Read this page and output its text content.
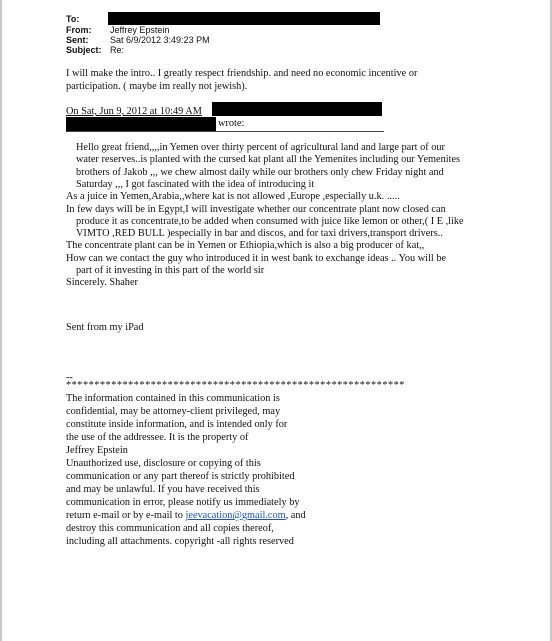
To:
From: Jeffrey Epstein
Sent: Sat 6/9/2012 3:49:23 PM
Subject: Re:
I will make the intro.. I greatly respect friendship. and need no economic incentive or
participation. ( maybe im really not jewish).
On Sat, Jun 9, 2012 at 10:49 AM
wrote:
Hello great friend,,,,in Yemen over thirty percent of agricultural land and large part of our
water reserves..is planted with the cursed kat plant all the Yemenites including our Yemenites
brothers of Jakob ,,, we chew almost daily while our brothers only chew Friday night and
Saturday ,,, I got fascinated with the idea of introducing it
As a juice in Yemen,Arabia,,where kat is not allowed ,Europe ,especially u.k. .....
In few days will be in Egypt,I will investigate whether our concentrate plant now closed can
produce it as concentrate,to be added when consumed with juice like lemon or other,( I E ,like
VIMTO ,RED BULL )especially in bar and discos, and for taxi drivers,transport drivers..
The concentrate plant can be in Yemen or Ethiopia,which is also a big producer of kat,,
How can we contact the guy who introduced it in west bank to exchange ideas .. You will be
part of it investing in this part of the world sir
Sincerely. Shaher
Sent from my iPad
--
************************************************************
The information contained in this communication is
confidential, may be attorney-client privileged, may
constitute inside information, and is intended only for
the use of the addressee. It is the property of
Jeffrey Epstein
Unauthorized use, disclosure or copying of this
communication or any part thereof is strictly prohibited
and may be unlawful. If you have received this
communication in error, please notify us immediately by
return e-mail or by e-mail to jeevacation@gmail.com, and
destroy this communication and all copies thereof,
including all attachments. copyright -all rights reserved
